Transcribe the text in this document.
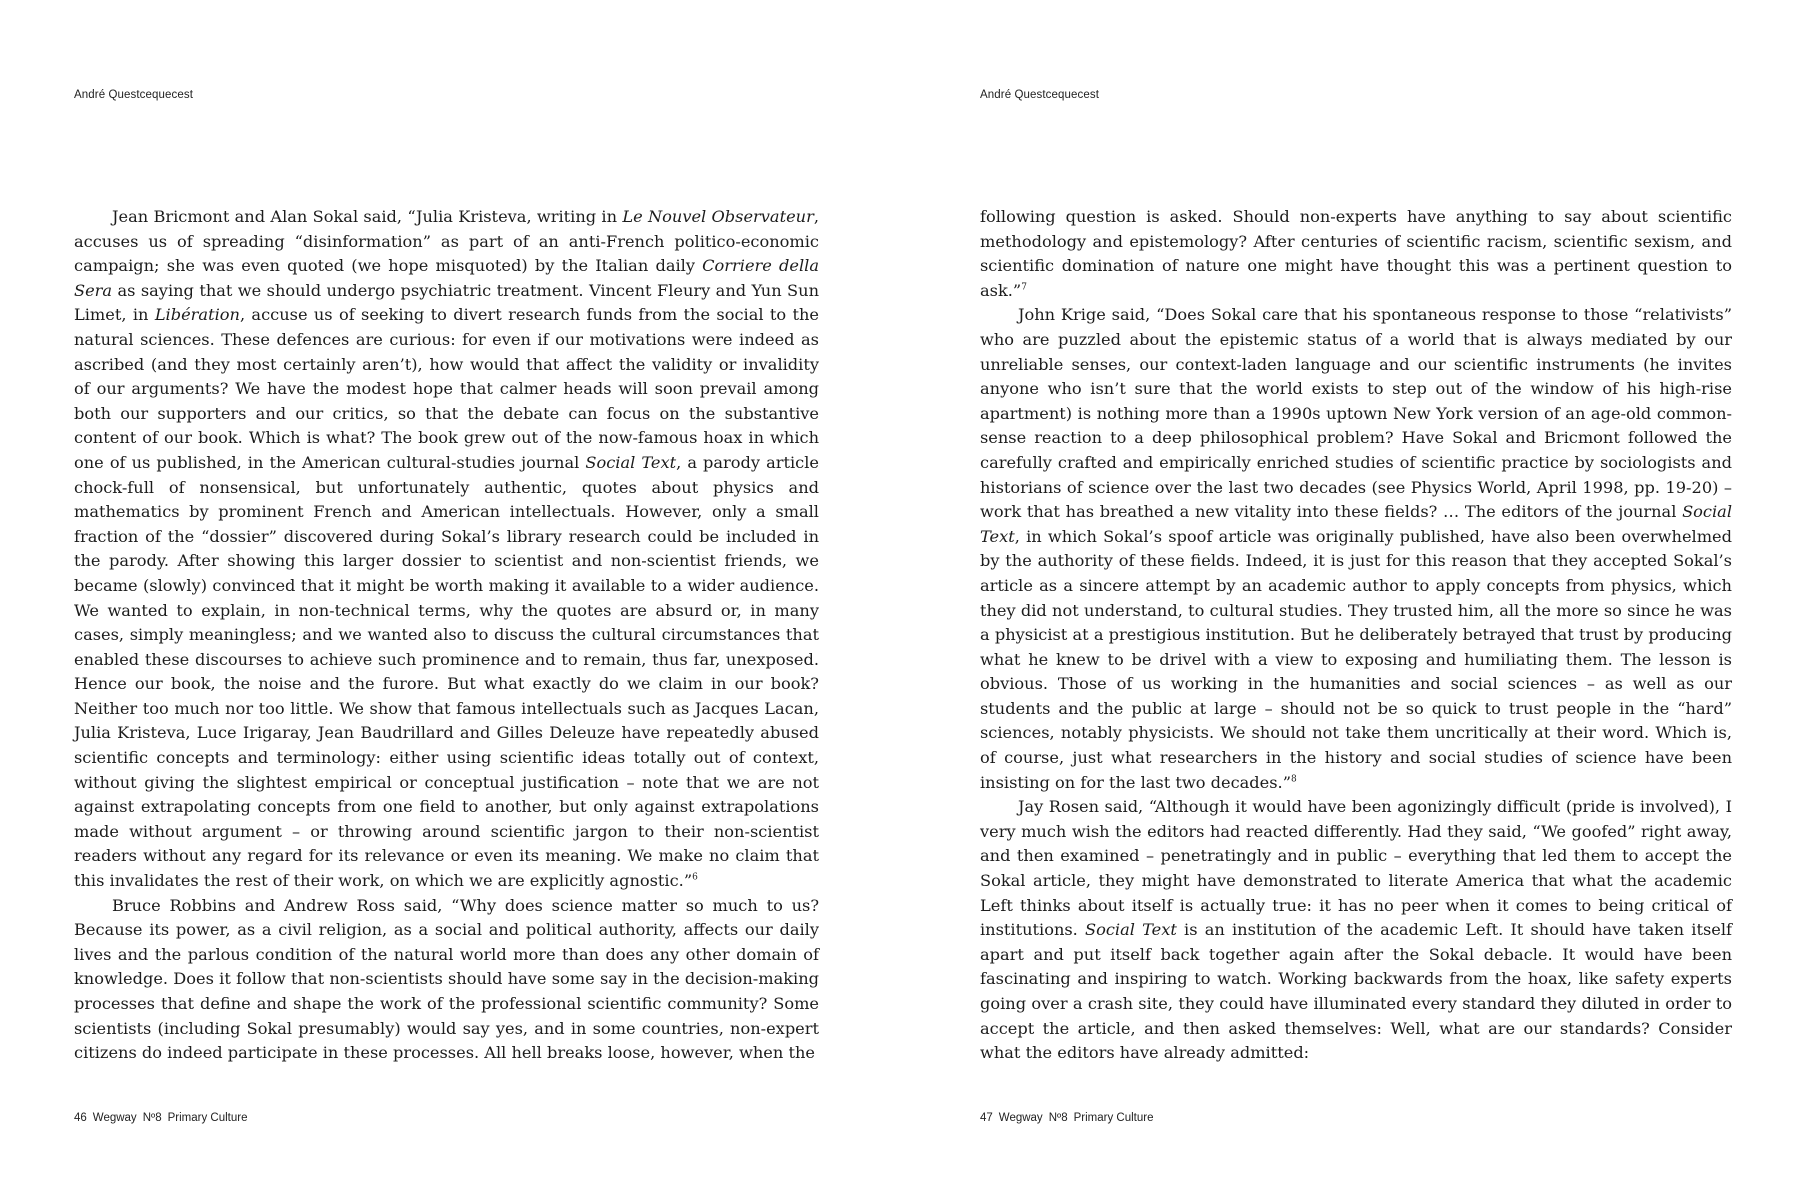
André Questcequecest

Jean Bricmont and Alan Sokal said, “Julia Kristeva, writing in Le Nouvel Observateur, accuses us of spreading “disinformation” as part of an anti-French politico-economic campaign; she was even quoted (we hope misquoted) by the Italian daily Corriere della Sera as saying that we should undergo psychiatric treatment. Vincent Fleury and Yun Sun Limet, in Libération, accuse us of seeking to divert research funds from the social to the natural sciences. These defences are curious: for even if our motivations were indeed as ascribed (and they most certainly aren’t), how would that affect the validity or invalidity of our arguments? We have the modest hope that calmer heads will soon prevail among both our supporters and our critics, so that the debate can focus on the substantive content of our book. Which is what? The book grew out of the now-famous hoax in which one of us published, in the American cultural-studies journal Social Text, a parody article chock-full of nonsensical, but unfortunately authentic, quotes about physics and mathematics by prominent French and American intellectuals. However, only a small fraction of the “dossier” discovered during Sokal’s library research could be included in the parody. After showing this larger dossier to scientist and non-scientist friends, we became (slowly) convinced that it might be worth making it available to a wider audience. We wanted to explain, in non-technical terms, why the quotes are absurd or, in many cases, simply meaningless; and we wanted also to discuss the cultural circumstances that enabled these discourses to achieve such prominence and to remain, thus far, unexposed. Hence our book, the noise and the furore. But what exactly do we claim in our book? Neither too much nor too little. We show that famous intellectuals such as Jacques Lacan, Julia Kristeva, Luce Irigaray, Jean Baudrillard and Gilles Deleuze have repeatedly abused scientific concepts and terminology: either using scientific ideas totally out of context, without giving the slightest empirical or conceptual justification – note that we are not against extrapolating concepts from one field to another, but only against extrapolations made without argument – or throwing around scientific jargon to their non-scientist readers without any regard for its relevance or even its meaning. We make no claim that this invalidates the rest of their work, on which we are explicitly agnostic.”$^6$

Bruce Robbins and Andrew Ross said, “Why does science matter so much to us? Because its power, as a civil religion, as a social and political authority, affects our daily lives and the parlous condition of the natural world more than does any other domain of knowledge. Does it follow that non-scientists should have some say in the decision-making processes that define and shape the work of the professional scientific community? Some scientists (including Sokal presumably) would say yes, and in some countries, non-expert citizens do indeed participate in these processes. All hell breaks loose, however, when the

46 Wegway Nº8 Primary Culture
André Questcequecest

following question is asked. Should non-experts have anything to say about scientific methodology and epistemology? After centuries of scientific racism, scientific sexism, and scientific domination of nature one might have thought this was a pertinent question to ask.”$^7$

John Krige said, “Does Sokal care that his spontaneous response to those “relativists” who are puzzled about the epistemic status of a world that is always mediated by our unreliable senses, our context-laden language and our scientific instruments (he invites anyone who isn’t sure that the world exists to step out of the window of his high-rise apartment) is nothing more than a 1990s uptown New York version of an age-old common-sense reaction to a deep philosophical problem? Have Sokal and Bricmont followed the carefully crafted and empirically enriched studies of scientific practice by sociologists and historians of science over the last two decades (see Physics World, April 1998, pp. 19-20) – work that has breathed a new vitality into these fields? … The editors of the journal Social Text, in which Sokal’s spoof article was originally published, have also been overwhelmed by the authority of these fields. Indeed, it is just for this reason that they accepted Sokal’s article as a sincere attempt by an academic author to apply concepts from physics, which they did not understand, to cultural studies. They trusted him, all the more so since he was a physicist at a prestigious institution. But he deliberately betrayed that trust by producing what he knew to be drivel with a view to exposing and humiliating them. The lesson is obvious. Those of us working in the humanities and social sciences – as well as our students and the public at large – should not be so quick to trust people in the “hard” sciences, notably physicists. We should not take them uncritically at their word. Which is, of course, just what researchers in the history and social studies of science have been insisting on for the last two decades.”$^8$

Jay Rosen said, “Although it would have been agonizingly difficult (pride is involved), I very much wish the editors had reacted differently. Had they said, “We goofed” right away, and then examined – penetratingly and in public – everything that led them to accept the Sokal article, they might have demonstrated to literate America that what the academic Left thinks about itself is actually true: it has no peer when it comes to being critical of institutions. Social Text is an institution of the academic Left. It should have taken itself apart and put itself back together again after the Sokal debacle. It would have been fascinating and inspiring to watch. Working backwards from the hoax, like safety experts going over a crash site, they could have illuminated every standard they diluted in order to accept the article, and then asked themselves: Well, what are our standards? Consider what the editors have already admitted:

47 Wegway Nº8 Primary Culture
